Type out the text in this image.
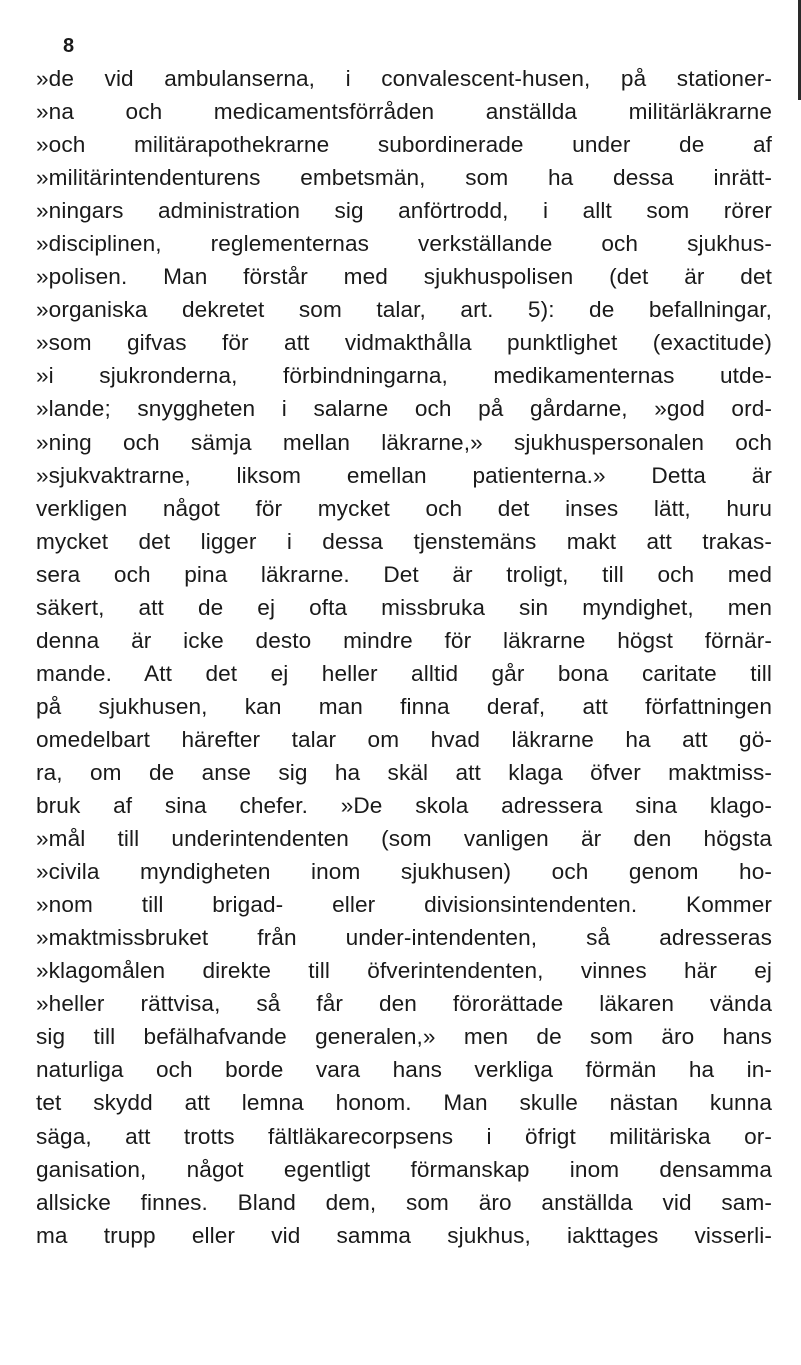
8
»de vid ambulanserna, i convalescent-husen, på stationer-
»na och medicamentsförråden anställda militärläkrarne
»och militärapothekrarne subordinerade under de af
»militärintendenturens embetsmän, som ha dessa inrätt-
»ningars administration sig anförtrodd, i allt som rörer
»disciplinen, reglementernas verkställande och sjukhus-
»polisen. Man förstår med sjukhuspolisen (det är det
»organiska dekretet som talar, art. 5): de befallningar,
»som gifvas för att vidmakthålla punktlighet (exactitude)
»i sjukronderna, förbindningarna, medikamenternas utde-
»lande; snyggheten i salarne och på gårdarne, »god ord-
»ning och sämja mellan läkrarne,» sjukhuspersonalen och
»sjukvaktrarne, liksom emellan patienterna.» Detta är
verkligen något för mycket och det inses lätt, huru
mycket det ligger i dessa tjenstemäns makt att trakas-
sera och pina läkrarne. Det är troligt, till och med
säkert, att de ej ofta missbruka sin myndighet, men
denna är icke desto mindre för läkrarne högst förnär-
mande. Att det ej heller alltid går bona caritate till
på sjukhusen, kan man finna deraf, att författningen
omedelbart härefter talar om hvad läkrarne ha att gö-
ra, om de anse sig ha skäl att klaga öfver maktmiss-
bruk af sina chefer. »De skola adressera sina klago-
»mål till underintendenten (som vanligen är den högsta
»civila myndigheten inom sjukhusen) och genom ho-
»nom till brigad- eller divisionsintendenten. Kommer
»maktmissbruket från under-intendenten, så adresseras
»klagomålen direkte till öfverintendenten, vinnes här ej
»heller rättvisa, så får den förorättade läkaren vända
sig till befälhafvande generalen,» men de som äro hans
naturliga och borde vara hans verkliga förmän ha in-
tet skydd att lemna honom. Man skulle nästan kunna
säga, att trotts fältläkarecorpsens i öfrigt militäriska or-
ganisation, något egentligt förmanskap inom densamma
allsicke finnes. Bland dem, som äro anställda vid sam-
ma trupp eller vid samma sjukhus, iakttages visserli-
